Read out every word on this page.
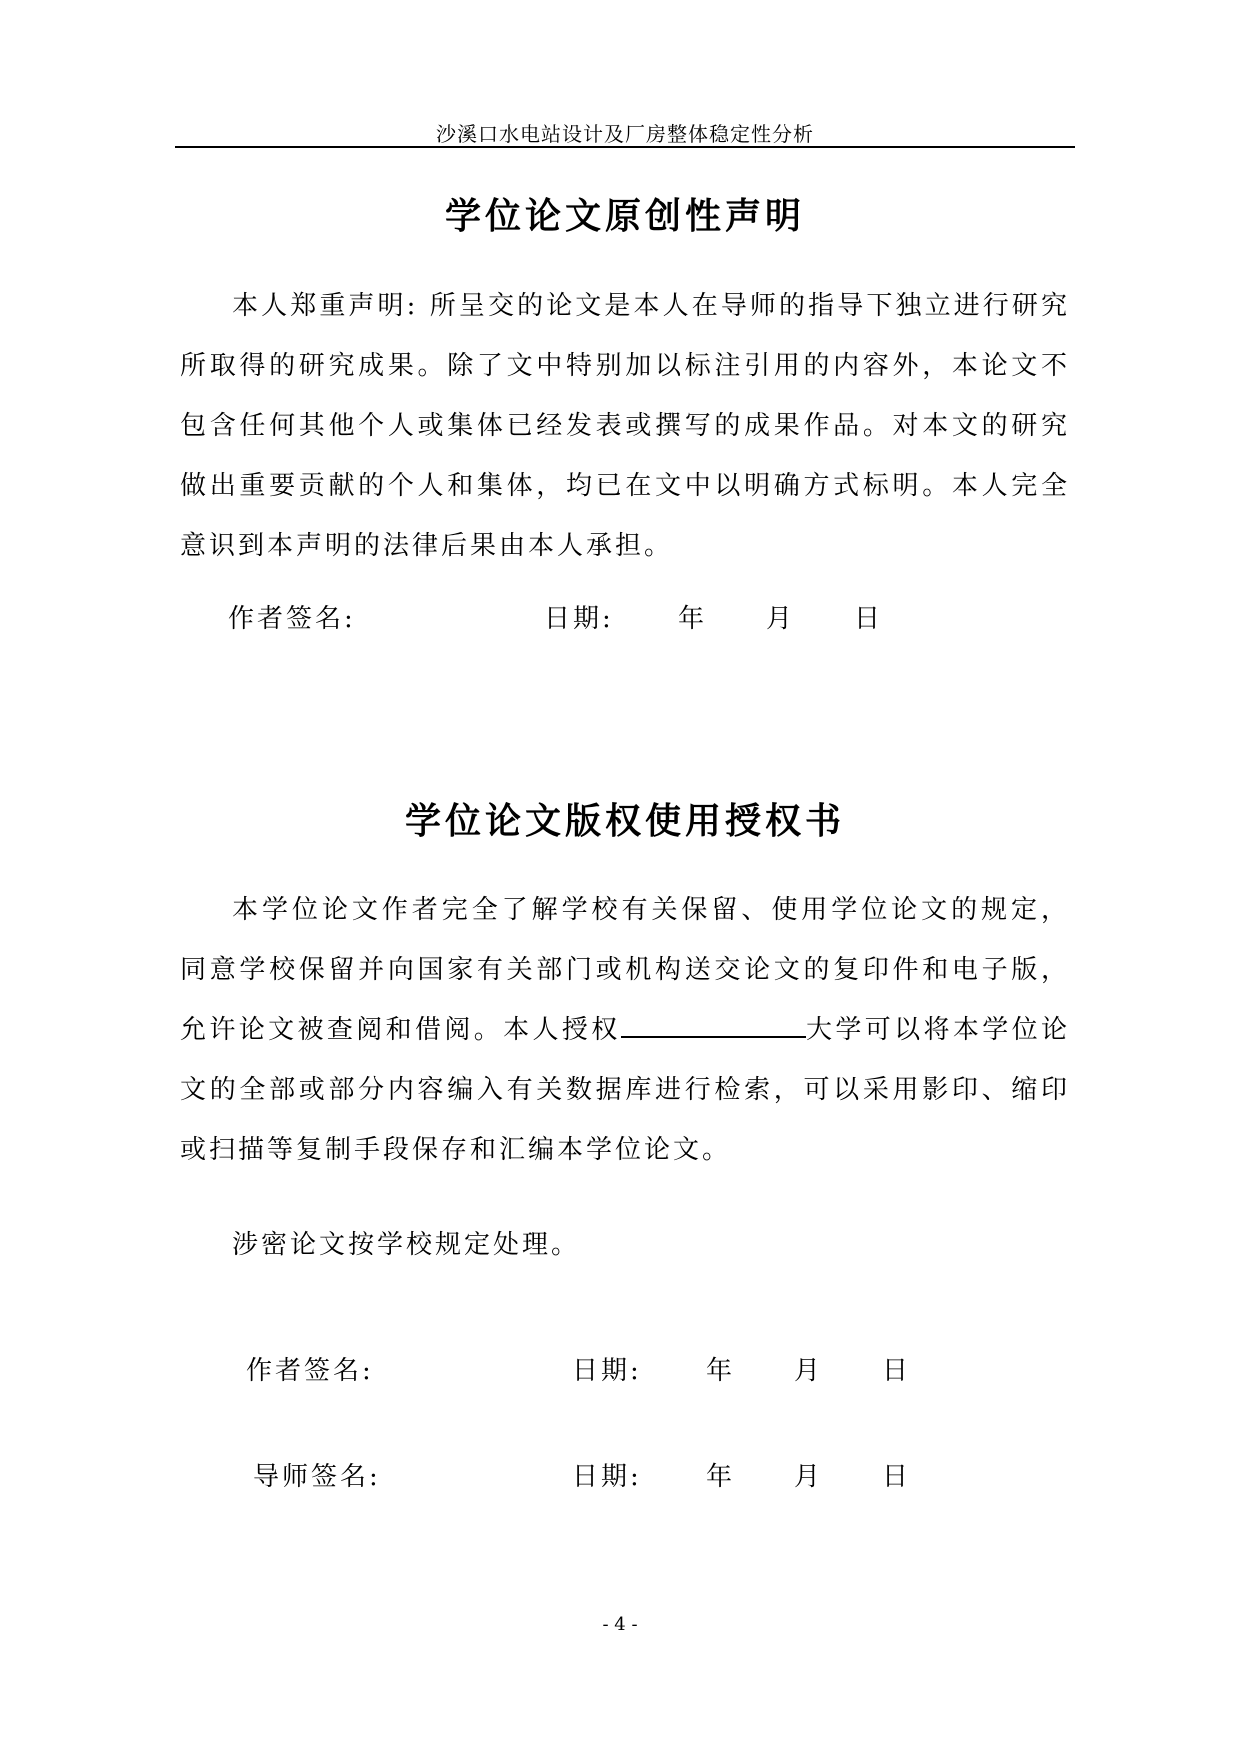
沙溪口水电站设计及厂房整体稳定性分析
学位论文原创性声明

本人郑重声明: 所呈交的论文是本人在导师的指导下独立进行研究所取得的研究成果。除了文中特别加以标注引用的内容外，本论文不包含任何其他个人或集体已经发表或撰写的成果作品。对本文的研究做出重要贡献的个人和集体，均已在文中以明确方式标明。本人完全意识到本声明的法律后果由本人承担。

作者签名:	日期: 年 月 日
学位论文版权使用授权书

本学位论文作者完全了解学校有关保留、使用学位论文的规定，同意学校保留并向国家有关部门或机构送交论文的复印件和电子版，允许论文被查阅和借阅。本人授权	大学可以将本学位论文的全部或部分内容编入有关数据库进行检索，可以采用影印、缩印或扫描等复制手段保存和汇编本学位论文。

涉密论文按学校规定处理。

作者签名:	日期: 年 月 日
导师签名:	日期: 年 月 日
- 4 -
